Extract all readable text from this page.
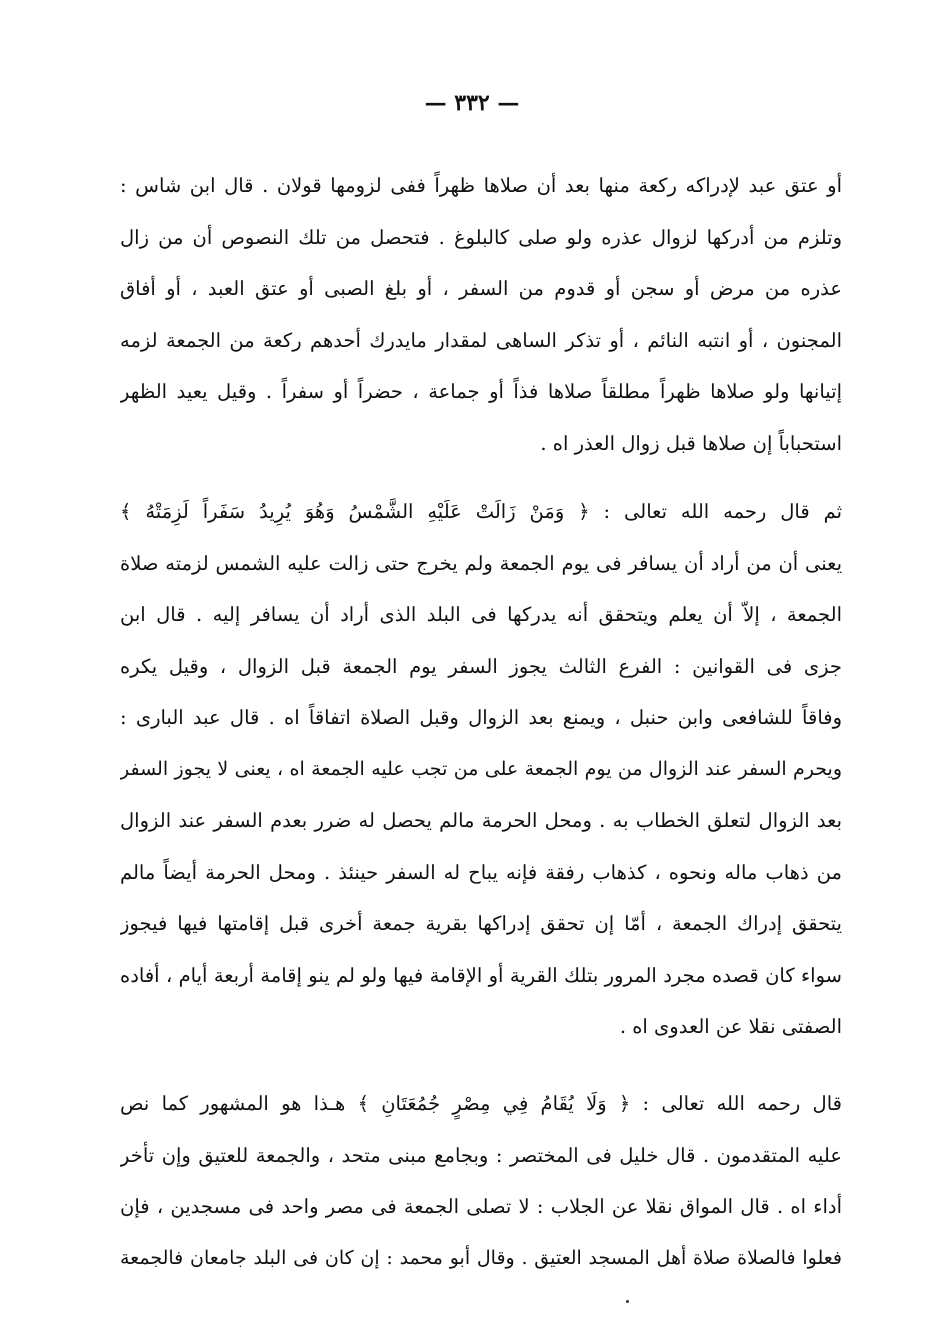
— ٣٣٢ —
أو عتق عبد لإدراكه ركعة منها بعد أن صلاها ظهراً ففى لزومها قولان . قال ابن شاس :
وتلزم من أدركها لزوال عذره ولو صلى كالبلوغ . فتحصل من تلك النصوص أن من زال
عذره من مرض أو سجن أو قدوم من السفر ، أو بلغ الصبى أو عتق العبد ، أو أفاق
المجنون ، أو انتبه النائم ، أو تذكر الساهى لمقدار مايدرك أحدهم ركعة من الجمعة لزمه
إتيانها ولو صلاها ظهراً مطلقاً صلاها فذاً أو جماعة ، حضراً أو سفراً . وقيل يعيد الظهر
استحباباً إن صلاها قبل زوال العذر اه .
ثم قال رحمه الله تعالى : ﴿ وَمَنْ زَالَتْ عَلَيْهِ الشَّمْسُ وَهُوَ يُرِيدُ سَفَراً لَزِمَتْهُ ﴾
يعنى أن من أراد أن يسافر فى يوم الجمعة ولم يخرج حتى زالت عليه الشمس لزمته صلاة
الجمعة ، إلاّ أن يعلم ويتحقق أنه يدركها فى البلد الذى أراد أن يسافر إليه . قال ابن
جزى فى القوانين : الفرع الثالث يجوز السفر يوم الجمعة قبل الزوال ، وقيل يكره
وفاقاً للشافعى وابن حنبل ، ويمنع بعد الزوال وقبل الصلاة اتفاقاً اه . قال عبد البارى :
ويحرم السفر عند الزوال من يوم الجمعة على من تجب عليه الجمعة اه ، يعنى لا يجوز السفر
بعد الزوال لتعلق الخطاب به . ومحل الحرمة مالم يحصل له ضرر بعدم السفر عند الزوال
من ذهاب ماله ونحوه ، كذهاب رفقة فإنه يباح له السفر حينئذ . ومحل الحرمة أيضاً مالم
يتحقق إدراك الجمعة ، أمّا إن تحقق إدراكها بقرية جمعة أخرى قبل إقامتها فيها فيجوز
سواء كان قصده مجرد المرور بتلك القرية أو الإقامة فيها ولو لم ينو إقامة أربعة أيام ، أفاده
الصفتى نقلا عن العدوى اه .
قال رحمه الله تعالى : ﴿ وَلَا يُقَامُ فِي مِصْرٍ جُمُعَتَانِ ﴾ هـذا هو المشهور كما نص
عليه المتقدمون . قال خليل فى المختصر : وبجامع مبنى متحد ، والجمعة للعتيق وإن تأخر
أداء اه . قال المواق نقلا عن الجلاب : لا تصلى الجمعة فى مصر واحد فى مسجدين ، فإن
فعلوا فالصلاة صلاة أهل المسجد العتيق . وقال أبو محمد : إن كان فى البلد جامعان فالجمعة
